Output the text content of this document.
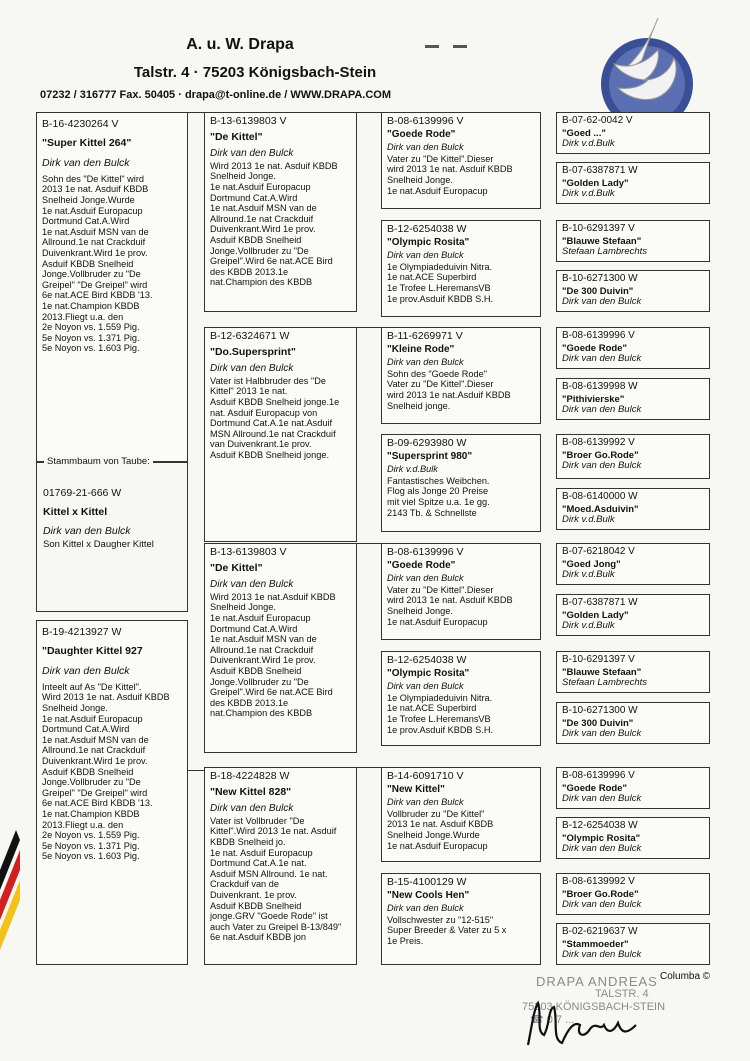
A. u. W. Drapa
Talstr. 4 · 75203 Königsbach-Stein
07232 / 316777 Fax. 50405 · drapa@t-online.de / WWW.DRAPA.COM
B-16-4230264 V
"Super Kittel 264"
Dirk van den Bulck
Sohn des "De Kittel" wird
2013 1e nat. Asduif KBDB
Snelheid Jonge.Wurde
1e nat.Asduif Europacup
Dortmund Cat.A.Wird
1e nat.Asduif MSN van de
Allround.1e nat Crackduif
Duivenkrant.Wird 1e prov.
Asduif KBDB Snelheid
Jonge.Vollbruder zu "De
Greipel" "De Greipel" wird
6e nat.ACE Bird KBDB '13.
1e nat.Champion KBDB
2013.Fliegt u.a. den
2e Noyon vs. 1.559 Pig.
5e Noyon vs. 1.371 Pig.
5e Noyon vs. 1.603 Pig.
01769-21-666 W
Kittel x Kittel
Dirk van den Bulck
Son Kittel x Daugher Kittel
Stammbaum von Taube:
B-19-4213927 W
"Daughter Kittel 927
Dirk van den Bulck
Inteelt auf As "De Kittel".
Wird 2013 1e nat. Asduif KBDB
Snelheid Jonge.
1e nat.Asduif Europacup
Dortmund Cat.A.Wird
1e nat.Asduif MSN van de
Allround.1e nat Crackduif
Duivenkrant.Wird 1e prov.
Asduif KBDB Snelheid
Jonge.Vollbruder zu "De
Greipel" "De Greipel" wird
6e nat.ACE Bird KBDB '13.
1e nat.Champion KBDB
2013.Fliegt u.a. den
2e Noyon vs. 1.559 Pig.
5e Noyon vs. 1.371 Pig.
5e Noyon vs. 1.603 Pig.
B-13-6139803 V
"De Kittel"
Dirk van den Bulck
Wird 2013 1e nat. Asduif KBDB
Snelheid Jonge.
1e nat.Asduif Europacup
Dortmund Cat.A.Wird
1e nat.Asduif MSN van de
Allround.1e nat Crackduif
Duivenkrant.Wird 1e prov.
Asduif KBDB Snelheid
Jonge.Vollbruder zu "De
Greipel".Wird 6e nat.ACE Bird
des KBDB 2013.1e
nat.Champion des KBDB
B-12-6324671 W
"Do.Supersprint"
Dirk van den Bulck
Vater ist Halbbruder des "De
Kittel" 2013 1e nat.
Asduif KBDB Snelheid jonge.1e
nat. Asduif Europacup von
Dortmund Cat.A.1e nat.Asduif
MSN Allround.1e nat Crackduif
van Duivenkrant.1e prov.
Asduif KBDB Snelheid jonge.
B-13-6139803 V
"De Kittel"
Dirk van den Bulck
Wird 2013 1e nat.Asduif KBDB
Snelheid Jonge.
1e nat.Asduif Europacup
Dortmund Cat.A.Wird
1e nat.Asduif MSN van de
Allround.1e nat Crackduif
Duivenkrant.Wird 1e prov.
Asduif KBDB Snelheid
Jonge.Vollbruder zu "De
Greipel".Wird 6e nat.ACE Bird
des KBDB 2013.1e
nat.Champion des KBDB
B-18-4224828 W
"New Kittel 828"
Dirk van den Bulck
Vater ist Vollbruder "De
Kittel".Wird 2013 1e nat. Asduif
KBDB Snelheid jo.
1e nat. Asduif Europacup
Dortmund Cat.A.1e nat.
Asduif MSN Allround. 1e nat.
Crackduif van de
Duivenkrant. 1e prov.
Asduif KBDB Snelheid
jonge.GRV "Goede Rode" ist
auch Vater zu Greipel B-13/849"
6e nat.Asduif KBDB jon
B-08-6139996 V
"Goede Rode"
Dirk van den Bulck
Vater zu "De Kittel".Dieser
wird 2013 1e nat. Asduif KBDB
Snelheid Jonge.
1e nat.Asduif Europacup
B-12-6254038 W
"Olympic Rosita"
Dirk van den Bulck
1e Olympiadeduivin Nitra.
1e nat.ACE Superbird
1e Trofee L.HeremansVB
1e prov.Asduif KBDB S.H.
B-11-6269971 V
"Kleine Rode"
Dirk van den Bulck
Sohn des "Goede Rode"
Vater zu "De Kittel".Dieser
wird 2013 1e nat.Asduif KBDB
Snelheid jonge.
B-09-6293980 W
"Supersprint 980"
Dirk v.d.Bulk
Fantastisches Weibchen.
Flog als Jonge 20 Preise
mit viel Spitze u.a. 1e gg.
2143 Tb. & Schnellste
B-08-6139996 V
"Goede Rode"
Dirk van den Bulck
Vater zu "De Kittel".Dieser
wird 2013 1e nat. Asduif KBDB
Snelheid Jonge.
1e nat.Asduif Europacup
B-12-6254038 W
"Olympic Rosita"
Dirk van den Bulck
1e Olympiadeduivin Nitra.
1e nat.ACE Superbird
1e Trofee L.HeremansVB
1e prov.Asduif KBDB S.H.
B-14-6091710 V
"New Kittel"
Dirk van den Bulck
Vollbruder zu "De Kittel"
2013 1e nat. Asduif KBDB
Snelheid Jonge.Wurde
1e nat.Asduif Europacup
B-15-4100129 W
"New Cools Hen"
Dirk van den Bulck
Vollschwester zu "12-515"
Super Breeder & Vater zu 5 x
1e Preis.
B-07-62-0042 V
"Goed ..."
Dirk v.d.Bulk
B-07-6387871 W
"Golden Lady"
Dirk v.d.Bulk
B-10-6291397 V
"Blauwe Stefaan"
Stefaan Lambrechts
B-10-6271300 W
"De 300 Duivin"
Dirk van den Bulck
B-08-6139996 V
"Goede Rode"
Dirk van den Bulck
B-08-6139998 W
"Pithivierske"
Dirk van den Bulck
B-08-6139992 V
"Broer Go.Rode"
Dirk van den Bulck
B-08-6140000 W
"Moed.Asduivin"
Dirk v.d.Bulk
B-07-6218042 V
"Goed Jong"
Dirk v.d.Bulk
B-07-6387871 W
"Golden Lady"
Dirk v.d.Bulk
B-10-6291397 V
"Blauwe Stefaan"
Stefaan Lambrechts
B-10-6271300 W
"De 300 Duivin"
Dirk van den Bulck
B-08-6139996 V
"Goede Rode"
Dirk van den Bulck
B-12-6254038 W
"Olympic Rosita"
Dirk van den Bulck
B-08-6139992 V
"Broer Go.Rode"
Dirk van den Bulck
B-02-6219637 W
"Stammoeder"
Dirk van den Bulck
Columba ©
DRAPA ANDREAS
TALSTR. 4
75203 KÖNIGSBACH-STEIN
☎ 0 7 ...
